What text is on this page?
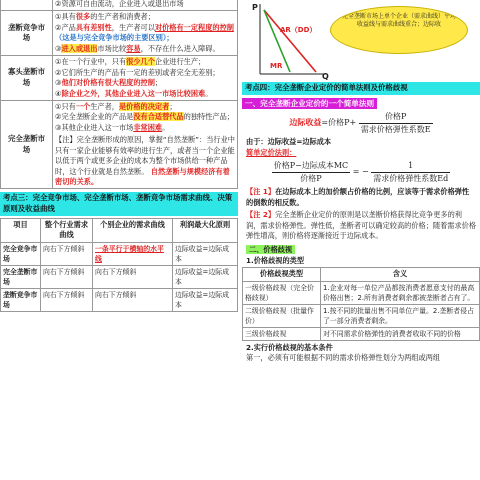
	②资源可自由流动，企业进入或退出市场
垄断竞争市场	①具有很多的生产者和消费者；
②产品具有差别性，生产者可以对价格有一定程度的控制（这是与完全竞争市场的主要区别）；
③进入或退出市场比较容易，不存在什么进入障碍。

寡头垄断市场	①在一个行业中，只有很少几个企业进行生产；
②它们所生产的产品有一定的差别或者完全无差别；
③他们对价格有很大程度的控制；
④除企业之外，其他企业进入这一市场比较困难。

完全垄断市场	①只有一个生产者，是价格的决定者；
②完全垄断企业的产品是没有合适替代品的独特性产品；
③其他企业进入这一市场非常困难。
【注】完全垄断形成的原因，掌握“自然垄断”：当行业中只有一家企业能够有效率的进行生产，或者当一个企业能以低于两个或更多企业的成本为整个市场供给一种产品时，这个行业就是自然垄断。 自然垄断与规模经济有着密切的关系。
考点三：完全竞争市场、完全垄断市场、垄断竞争市场需求曲线、决策原则及收益曲线
项目	整个行业需求曲线	个别企业的需求曲线	利润最大化原则
完全竞争市场	向右下方倾斜	一条平行于横轴的水平线	边际收益=边际成本
完全垄断市场	向右下方倾斜	向右下方倾斜	边际收益=边际成本
垄断竞争市场	向右下方倾斜	向右下方倾斜	边际收益=边际成本
P
Q
AR（DD）
MR
完全垄断市场上单个企业（需求曲线）平均收益线与需求曲线重合；边际收
考点四：完全垄断企业定价的简单法则及价格歧视
一、完全垄断企业定价的一个简单法则
边际收益=价格$P+ \frac{\text{价格P}}{\text{需求价格弹性系数E}}$

由于：边际收益=边际成本

简单定价法则：

$\frac{\text{价格P−边际成本MC}}{\text{价格P}}$ = − $\frac{1}{\text{需求价格弹性系数Ed}}$

【注 1】在边际成本上的加价额占价格的比例，应该等于需求价格弹性的倒数的相反数。

【注 2】完全垄断企业定价的原则是以垄断价格获得比竞争更多的利润，需求价格弹性。弹性低，垄断者可以确定较高的价格；随着需求价格弹性增高，则价格将逐渐接近于边际成本。

二、价格歧视

1.价格歧视的类型

价格歧视类型	含义
一级价格歧视（完全价格歧视）	1.企业对每一单位产品都按消费者愿意支付的最高价格出售；2.所有消费者剩余都被垄断者占有了。
二级价格歧视（批量作价）	1.按不同的批量出售不同单位产量。2.垄断者侵占了一部分消费者剩余。
三级价格歧视	对不同需求价格弹性的消费者收取不同的价格

2.实行价格歧视的基本条件

第一，必须有可能根据不同的需求价格弹性划分为两组或两组
